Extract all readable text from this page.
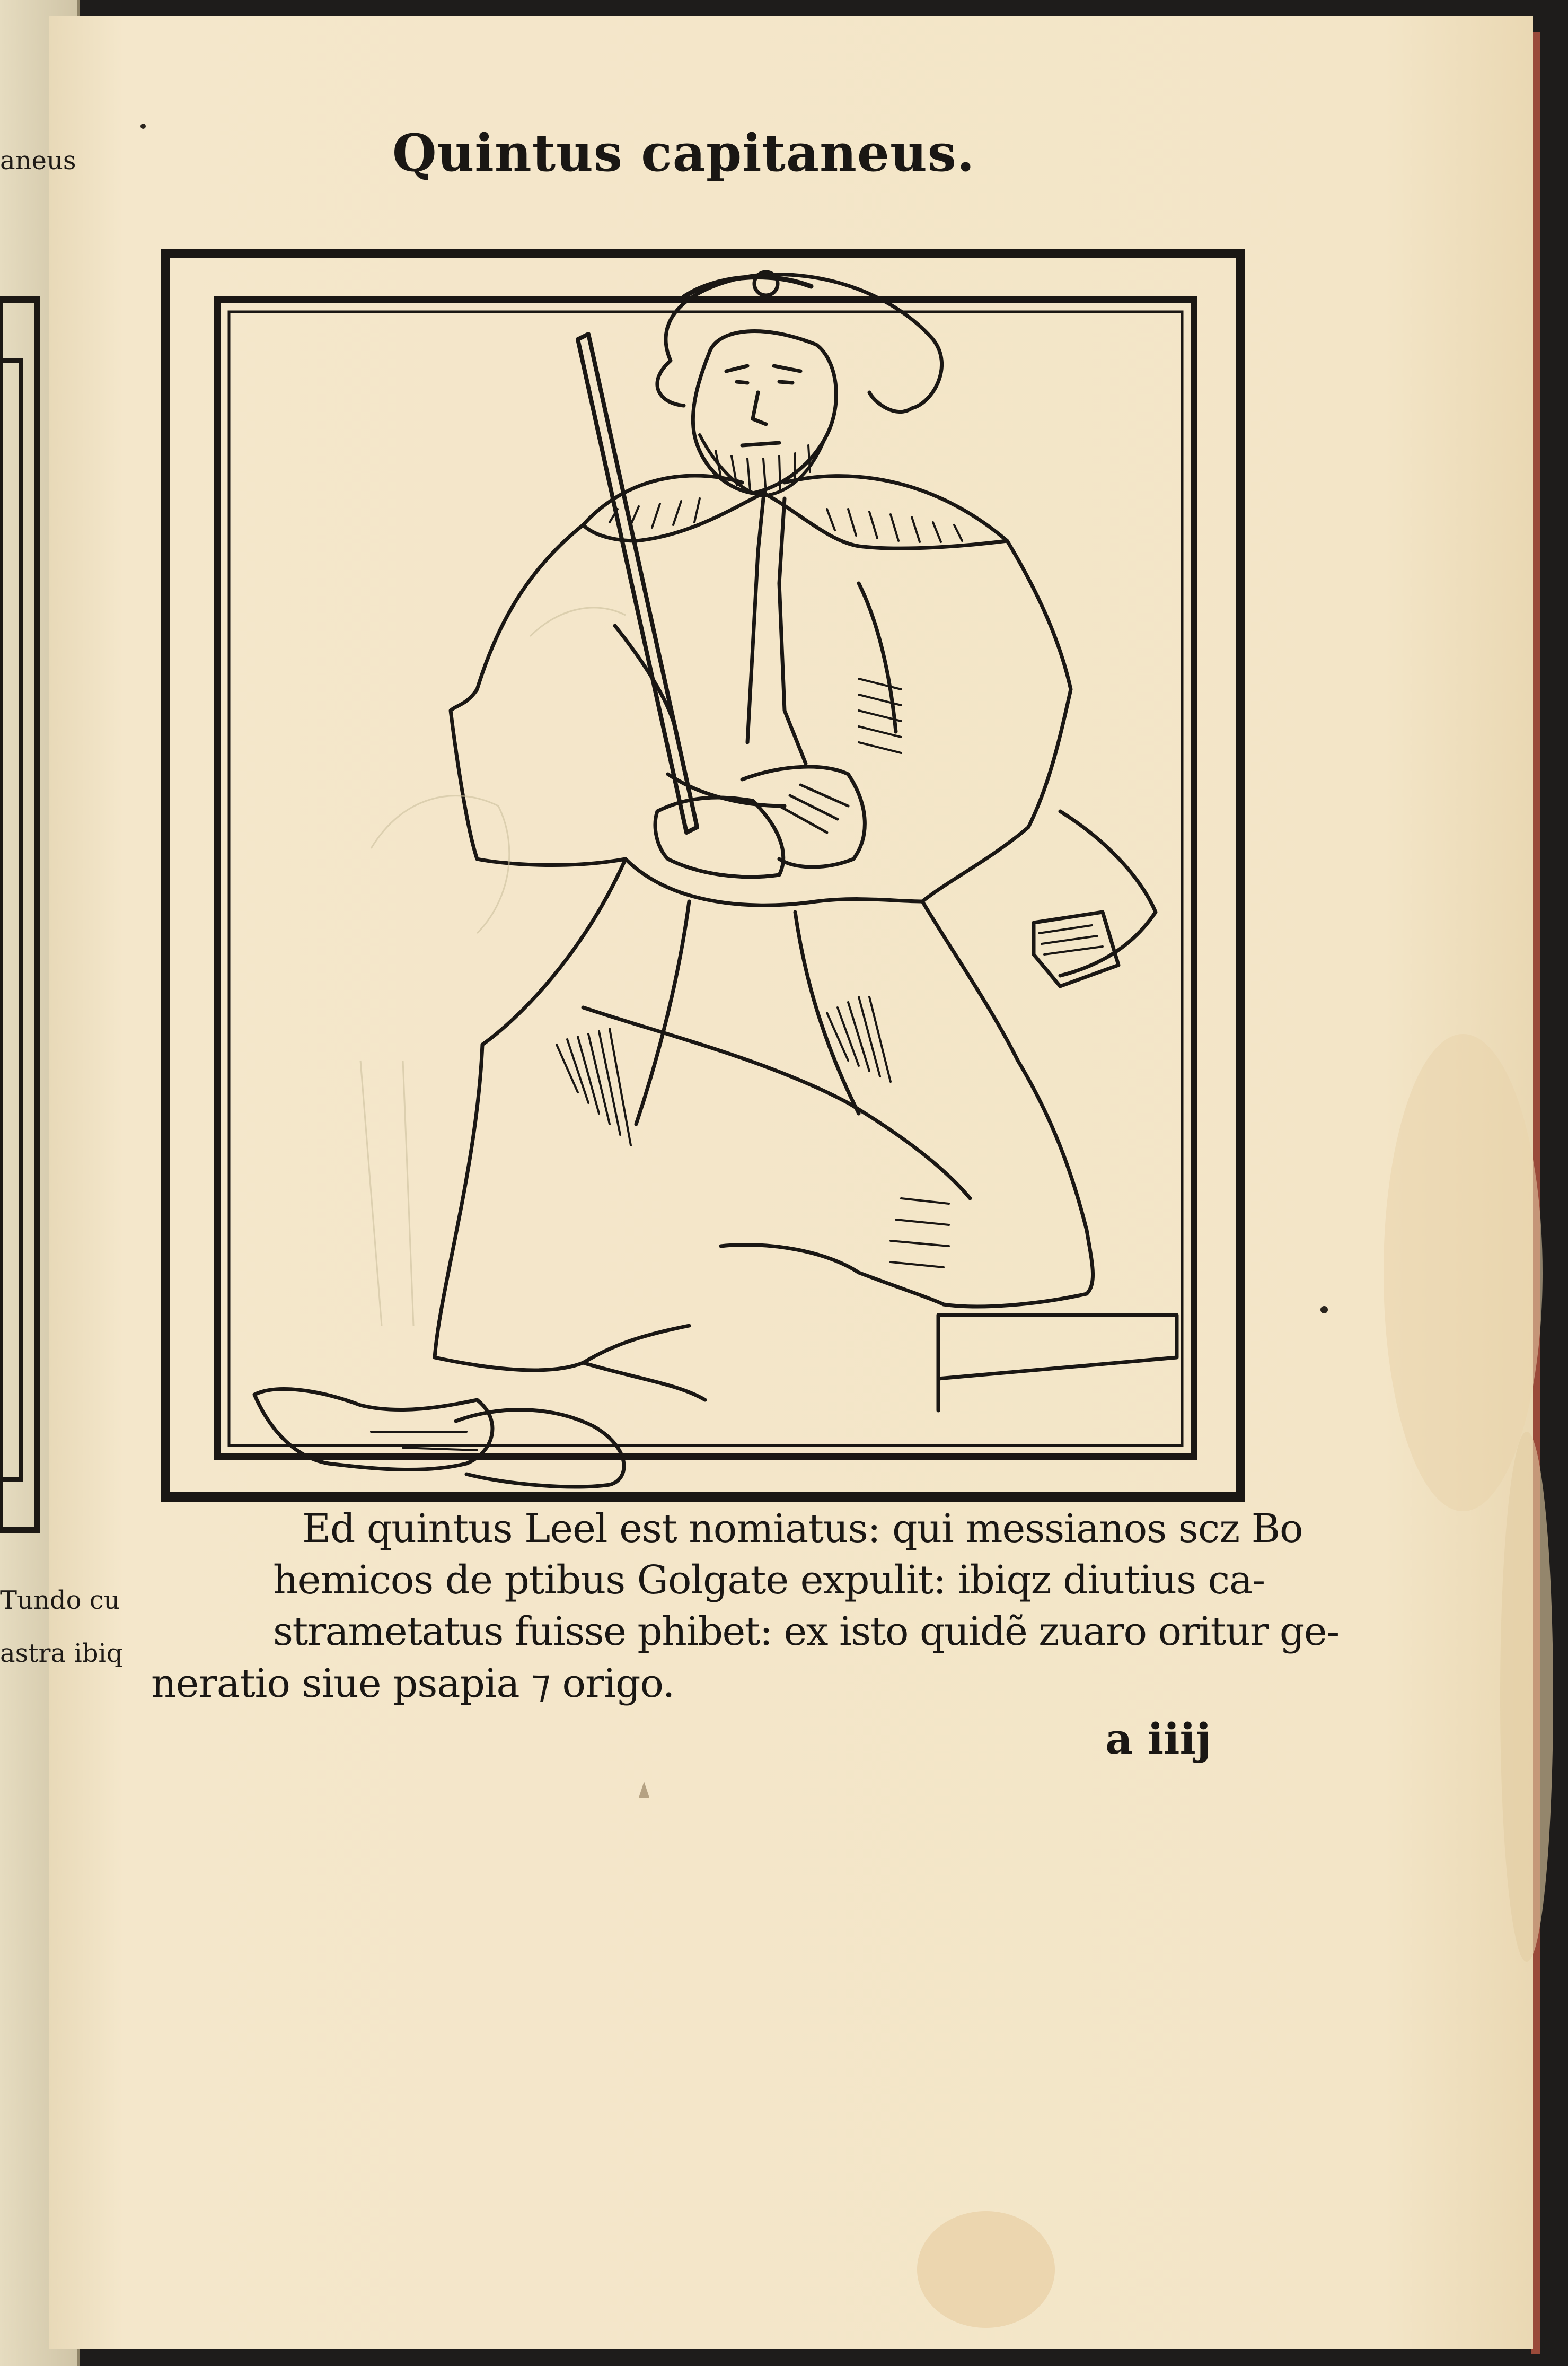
Quintus capitaneus.
Ed quintus Leel est nomiatus: qui messianos scz Bo
hemicos de ptibus Golgate expulit: ibiqz diutius ca-
strametatus fuisse phibet: ex isto quidẽ zuaro oritur ge-
neratio siue psapia ⁊ origo.
a iiij
aneus
Tundo cu
astra ibiq
